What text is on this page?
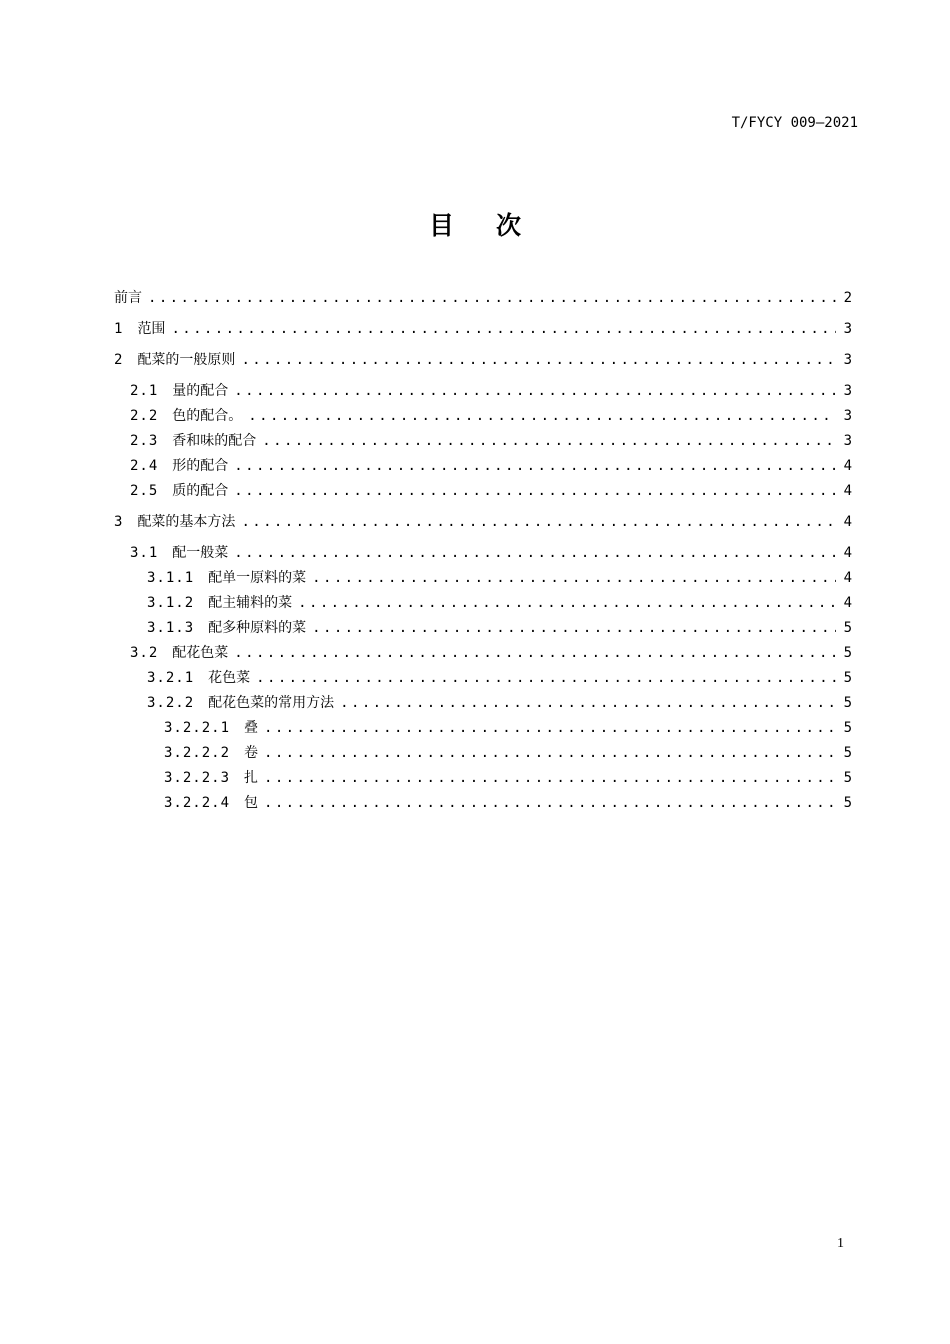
T/FYCY 009—2021
目次
前言 .....	2
1 范围 .....	3
2 配菜的一般原则 .....	3
2.1 量的配合 .....	3
2.2 色的配合。 .....	3
2.3 香和味的配合 .....	3
2.4 形的配合 .....	4
2.5 质的配合 .....	4
3 配菜的基本方法 .....	4
3.1 配一般菜 .....	4
3.1.1 配单一原料的菜 .....	4
3.1.2 配主辅料的菜 .....	4
3.1.3 配多种原料的菜 .....	5
3.2 配花色菜 .....	5
3.2.1 花色菜 .....	5
3.2.2 配花色菜的常用方法 .....	5
3.2.2.1 叠 .....	5
3.2.2.2 卷 .....	5
3.2.2.3 扎 .....	5
3.2.2.4 包 .....	5
1
